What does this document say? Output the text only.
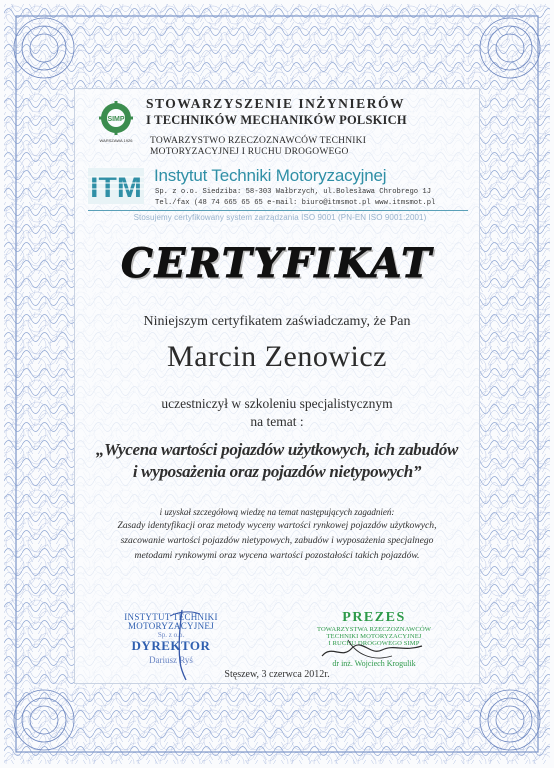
SIMP
WARSZAWA 1926
STOWARZYSZENIE INŻYNIERÓW
I TECHNIKÓW MECHANIKÓW POLSKICH
TOWARZYSTWO RZECZOZNAWCÓW TECHNIKI
MOTORYZACYJNEJ I RUCHU DROGOWEGO
ITM Instytut Techniki Motoryzacyjnej
Sp. z o.o. Siedziba: 58-303 Wałbrzych, ul.Bolesława Chrobrego 1J
Tel./fax (48 74 665 65 65 e-mail: biuro@itmsmot.pl www.itmsmot.pl
Stosujemy certyfikowany system zarządzania ISO 9001 (PN-EN ISO 9001:2001)
CERTYFIKAT
Niniejszym certyfikatem zaświadczamy, że Pan
Marcin Zenowicz
uczestniczył w szkoleniu specjalistycznym
na temat :
„Wycena wartości pojazdów użytkowych, ich zabudów
i wyposażenia oraz pojazdów nietypowych”
i uzyskał szczegółową wiedzę na temat następujących zagadnień:
Zasady identyfikacji oraz metody wyceny wartości rynkowej pojazdów użytkowych,
szacowanie wartości pojazdów nietypowych, zabudów i wyposażenia specjalnego
metodami rynkowymi oraz wycena wartości pozostałości takich pojazdów.
INSTYTUT TECHNIKI
MOTORYZACYJNEJ
Sp. z o.o.
DYREKTOR
Dariusz Ryś
PREZES
TOWARZYSTWA RZECZOZNAWCÓW
TECHNIKI MOTORYZACYJNEJ
I RUCHU DROGOWEGO SIMP
dr inż. Wojciech Krogulik
Stęszew, 3 czerwca 2012r.
